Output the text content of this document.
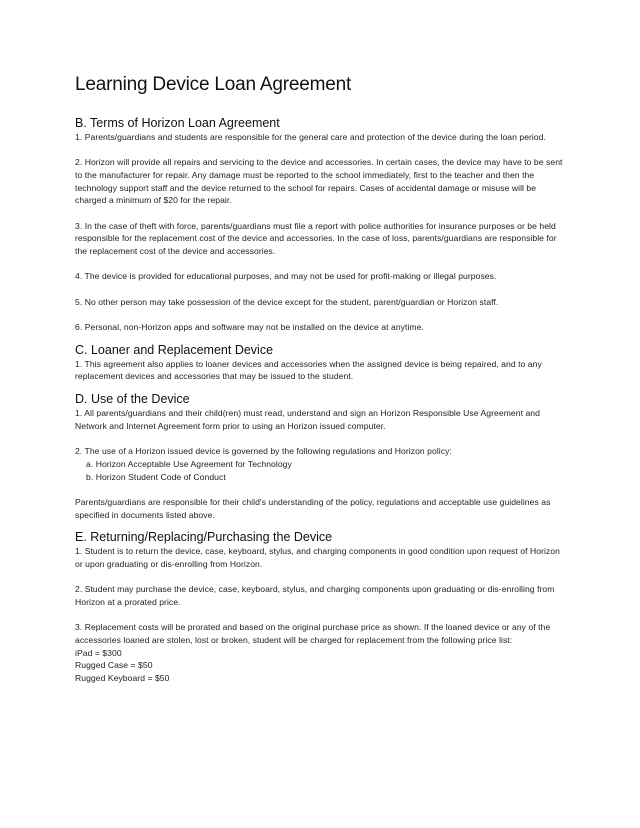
Learning Device Loan Agreement
B. Terms of Horizon Loan Agreement

1. Parents/guardians and students are responsible for the general care and protection of the device during the loan period.

2. Horizon will provide all repairs and servicing to the device and accessories. In certain cases, the device may have to be sent to the manufacturer for repair. Any damage must be reported to the school immediately, first to the teacher and then the technology support staff and the device returned to the school for repairs. Cases of accidental damage or misuse will be charged a minimum of $20 for the repair.

3. In the case of theft with force, parents/guardians must file a report with police authorities for insurance purposes or be held responsible for the replacement cost of the device and accessories. In the case of loss, parents/guardians are responsible for the replacement cost of the device and accessories.

4. The device is provided for educational purposes, and may not be used for profit-making or illegal purposes.

5. No other person may take possession of the device except for the student, parent/guardian or Horizon staff.

6. Personal, non-Horizon apps and software may not be installed on the device at anytime.

C. Loaner and Replacement Device

1. This agreement also applies to loaner devices and accessories when the assigned device is being repaired, and to any replacement devices and accessories that may be issued to the student.

D. Use of the Device

1. All parents/guardians and their child(ren) must read, understand and sign an Horizon Responsible Use Agreement and Network and Internet Agreement form prior to using an Horizon issued computer.

2. The use of a Horizon issued device is governed by the following regulations and Horizon policy:
a. Horizon Acceptable Use Agreement for Technology
b. Horizon Student Code of Conduct

Parents/guardians are responsible for their child's understanding of the policy, regulations and acceptable use guidelines as specified in documents listed above.

E. Returning/Replacing/Purchasing the Device

1. Student is to return the device, case, keyboard, stylus, and charging components in good condition upon request of Horizon or upon graduating or dis-enrolling from Horizon.

2. Student may purchase the device, case, keyboard, stylus, and charging components upon graduating or dis-enrolling from Horizon at a prorated price.

3. Replacement costs will be prorated and based on the original purchase price as shown. If the loaned device or any of the accessories loaned are stolen, lost or broken, student will be charged for replacement from the following price list:
iPad = $300
Rugged Case = $50
Rugged Keyboard = $50
